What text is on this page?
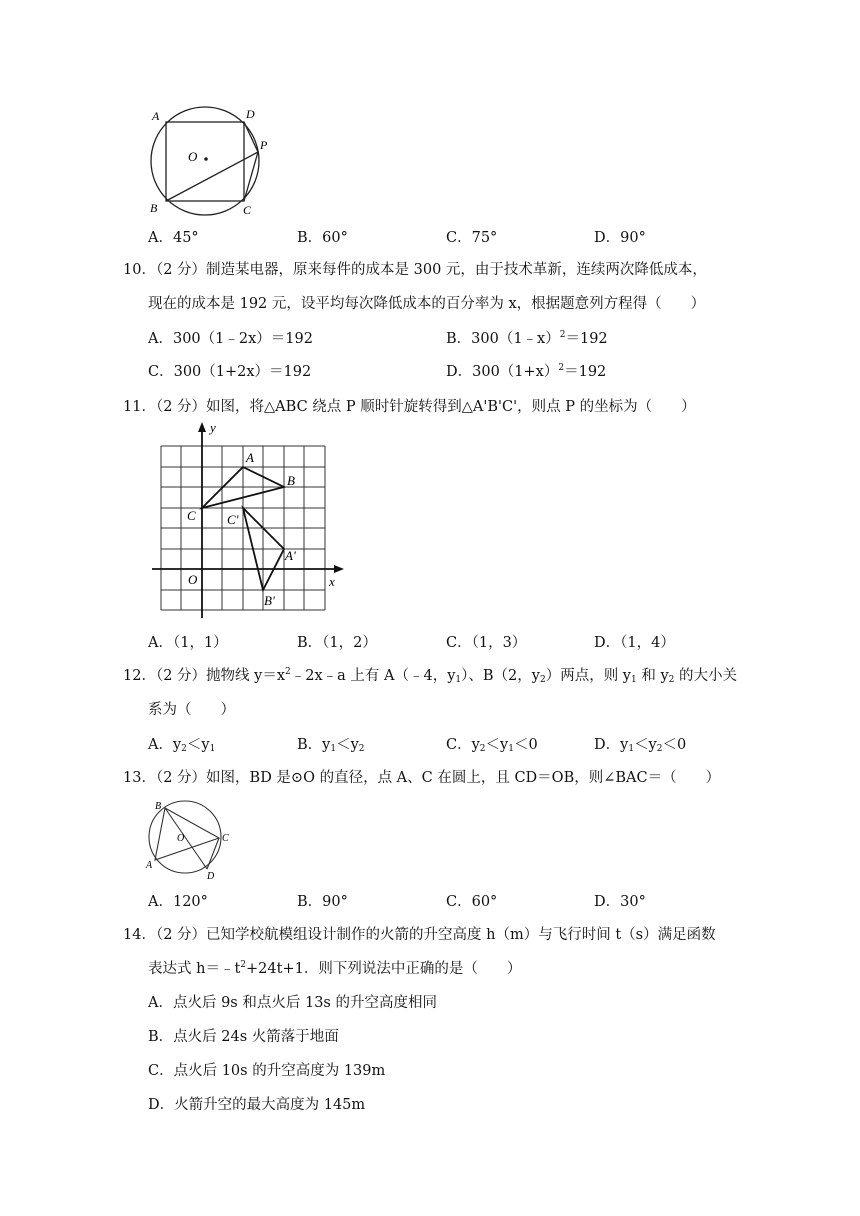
A	D
O
P
B	C
A．45°	B．60°	C．75°	D．90°
10．（2 分）制造某电器，原来每件的成本是 300 元，由于技术革新，连续两次降低成本，
现在的成本是 192 元，设平均每次降低成本的百分率为 x，根据题意列方程得（　　）
A．300（1﹣2x）＝192	B．300（1﹣x）$^2$＝192
C．300（1+2x）＝192	D．$300(1+x)^2=192$
11．（2 分）如图，将△ABC 绕点 P 顺时针旋转得到△A'B'C'，则点 P 的坐标为（　　）
y
x
O
A
B
C C'
A'
B'
A．（1，1）	B．（1，2）	C．（1，3）	D．（1，4）
12．（2 分）抛物线 $y=x^2﹣2x﹣a$ 上有 A（﹣4，$y_1$）、B（2，$y_2$）两点，则 $y_1$ 和 $y_2$ 的大小关
系为（　　）
A．$y_2<y_1$	B．$y_1<y_2$	C．$y_2<y_1<0$	D．$y_1<y_2<0$
13．（2 分）如图，BD 是⊙O 的直径，点 A、C 在圆上，且 CD＝OB，则∠BAC＝（　　）
B
O	C
A
D
A．120°	B．90°	C．60°	D．30°
14．（2 分）已知学校航模组设计制作的火箭的升空高度 h（m）与飞行时间 t（s）满足函数
表达式 $h=﹣t^2+24t+1$．则下列说法中正确的是（　　）
A．点火后 9s 和点火后 13s 的升空高度相同
B．点火后 24s 火箭落于地面
C．点火后 10s 的升空高度为 139m
D．火箭升空的最大高度为 145m
